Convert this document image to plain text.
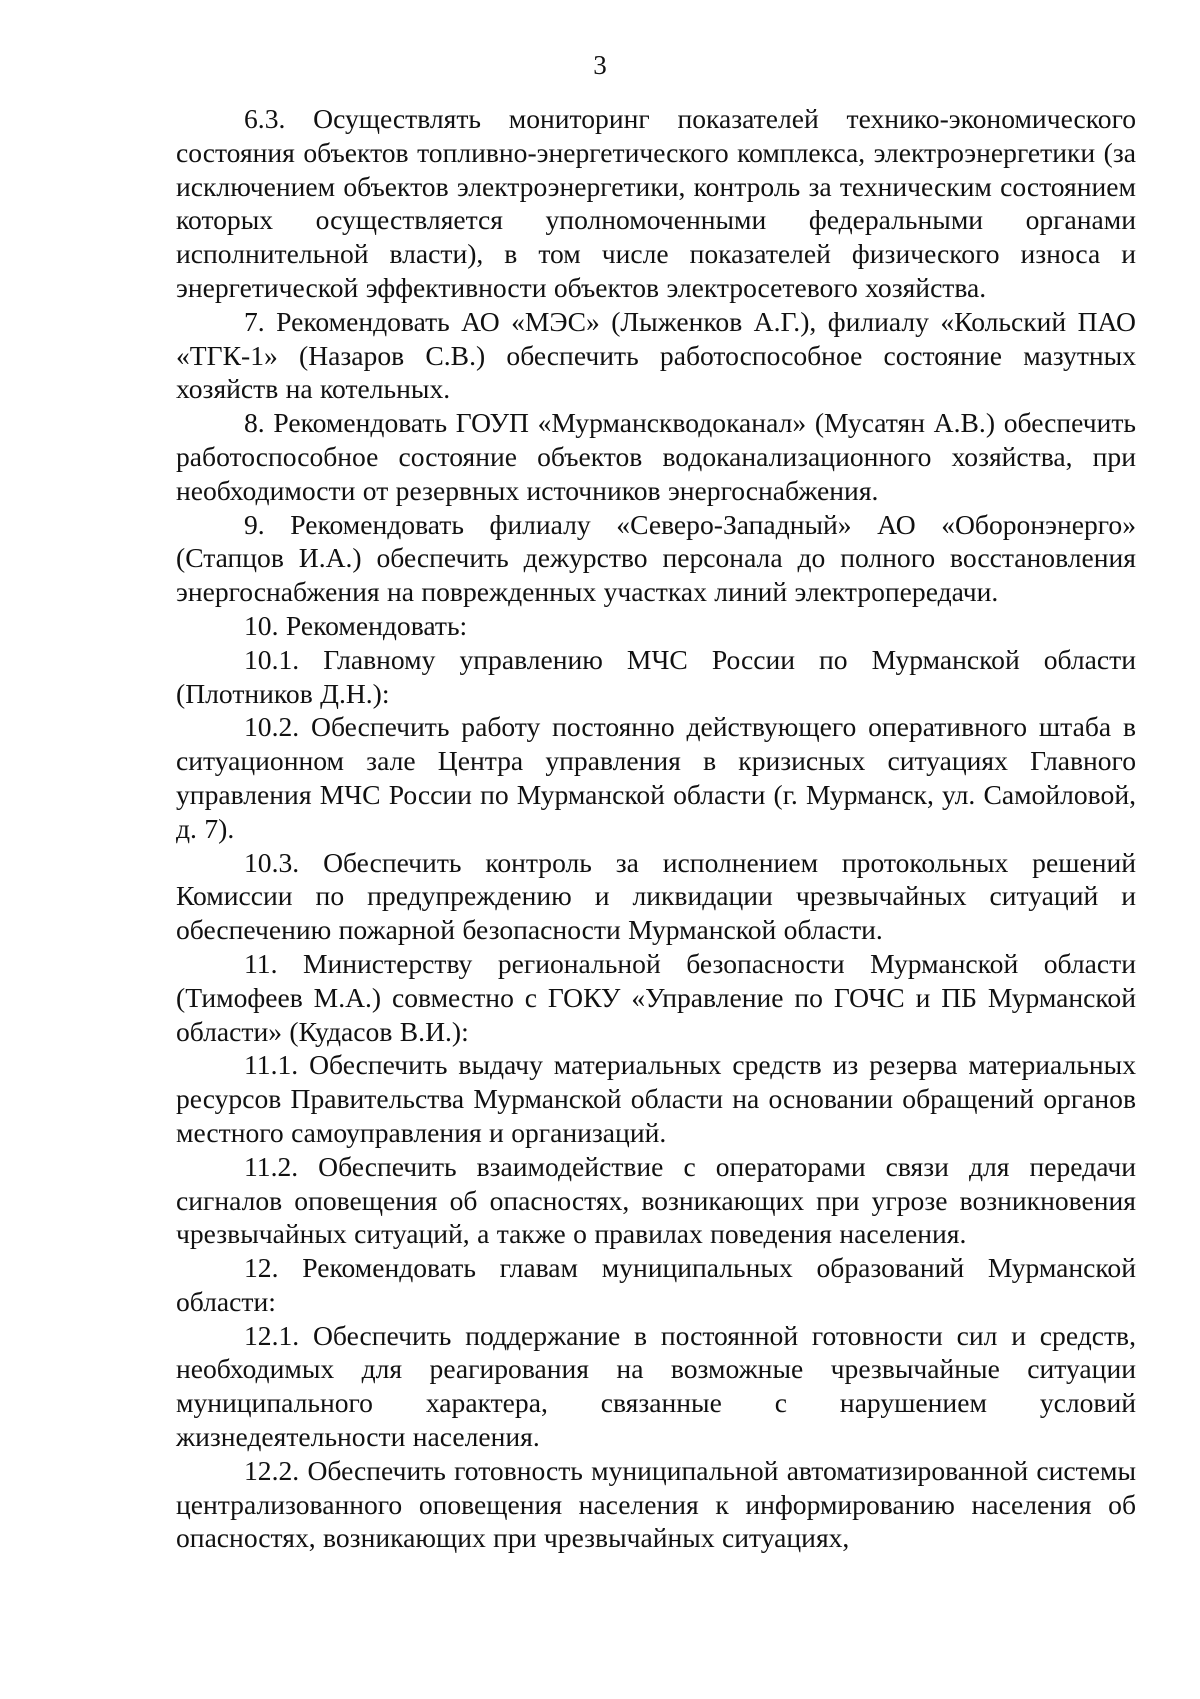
3

6.3. Осуществлять мониторинг показателей технико-экономического состояния объектов топливно-энергетического комплекса, электроэнергетики (за исключением объектов электроэнергетики, контроль за техническим состоянием которых осуществляется уполномоченными федеральными органами исполнительной власти), в том числе показателей физического износа и энергетической эффективности объектов электросетевого хозяйства.

7. Рекомендовать АО «МЭС» (Лыженков А.Г.), филиалу «Кольский ПАО «ТГК-1» (Назаров С.В.) обеспечить работоспособное состояние мазутных хозяйств на котельных.

8. Рекомендовать ГОУП «Мурманскводоканал» (Мусатян А.В.) обеспечить работоспособное состояние объектов водоканализационного хозяйства, при необходимости от резервных источников энергоснабжения.

9. Рекомендовать филиалу «Северо-Западный» АО «Оборонэнерго» (Стапцов И.А.) обеспечить дежурство персонала до полного восстановления энергоснабжения на поврежденных участках линий электропередачи.

10. Рекомендовать:

10.1. Главному управлению МЧС России по Мурманской области (Плотников Д.Н.):

10.2. Обеспечить работу постоянно действующего оперативного штаба в ситуационном зале Центра управления в кризисных ситуациях Главного управления МЧС России по Мурманской области (г. Мурманск, ул. Самойловой, д. 7).

10.3. Обеспечить контроль за исполнением протокольных решений Комиссии по предупреждению и ликвидации чрезвычайных ситуаций и обеспечению пожарной безопасности Мурманской области.

11. Министерству региональной безопасности Мурманской области (Тимофеев М.А.) совместно с ГОКУ «Управление по ГОЧС и ПБ Мурманской области» (Кудасов В.И.):

11.1. Обеспечить выдачу материальных средств из резерва материальных ресурсов Правительства Мурманской области на основании обращений органов местного самоуправления и организаций.

11.2. Обеспечить взаимодействие с операторами связи для передачи сигналов оповещения об опасностях, возникающих при угрозе возникновения чрезвычайных ситуаций, а также о правилах поведения населения.

12. Рекомендовать главам муниципальных образований Мурманской области:

12.1. Обеспечить поддержание в постоянной готовности сил и средств, необходимых для реагирования на возможные чрезвычайные ситуации муниципального характера, связанные с нарушением условий жизнедеятельности населения.

12.2. Обеспечить готовность муниципальной автоматизированной системы централизованного оповещения населения к информированию населения об опасностях, возникающих при чрезвычайных ситуациях,
